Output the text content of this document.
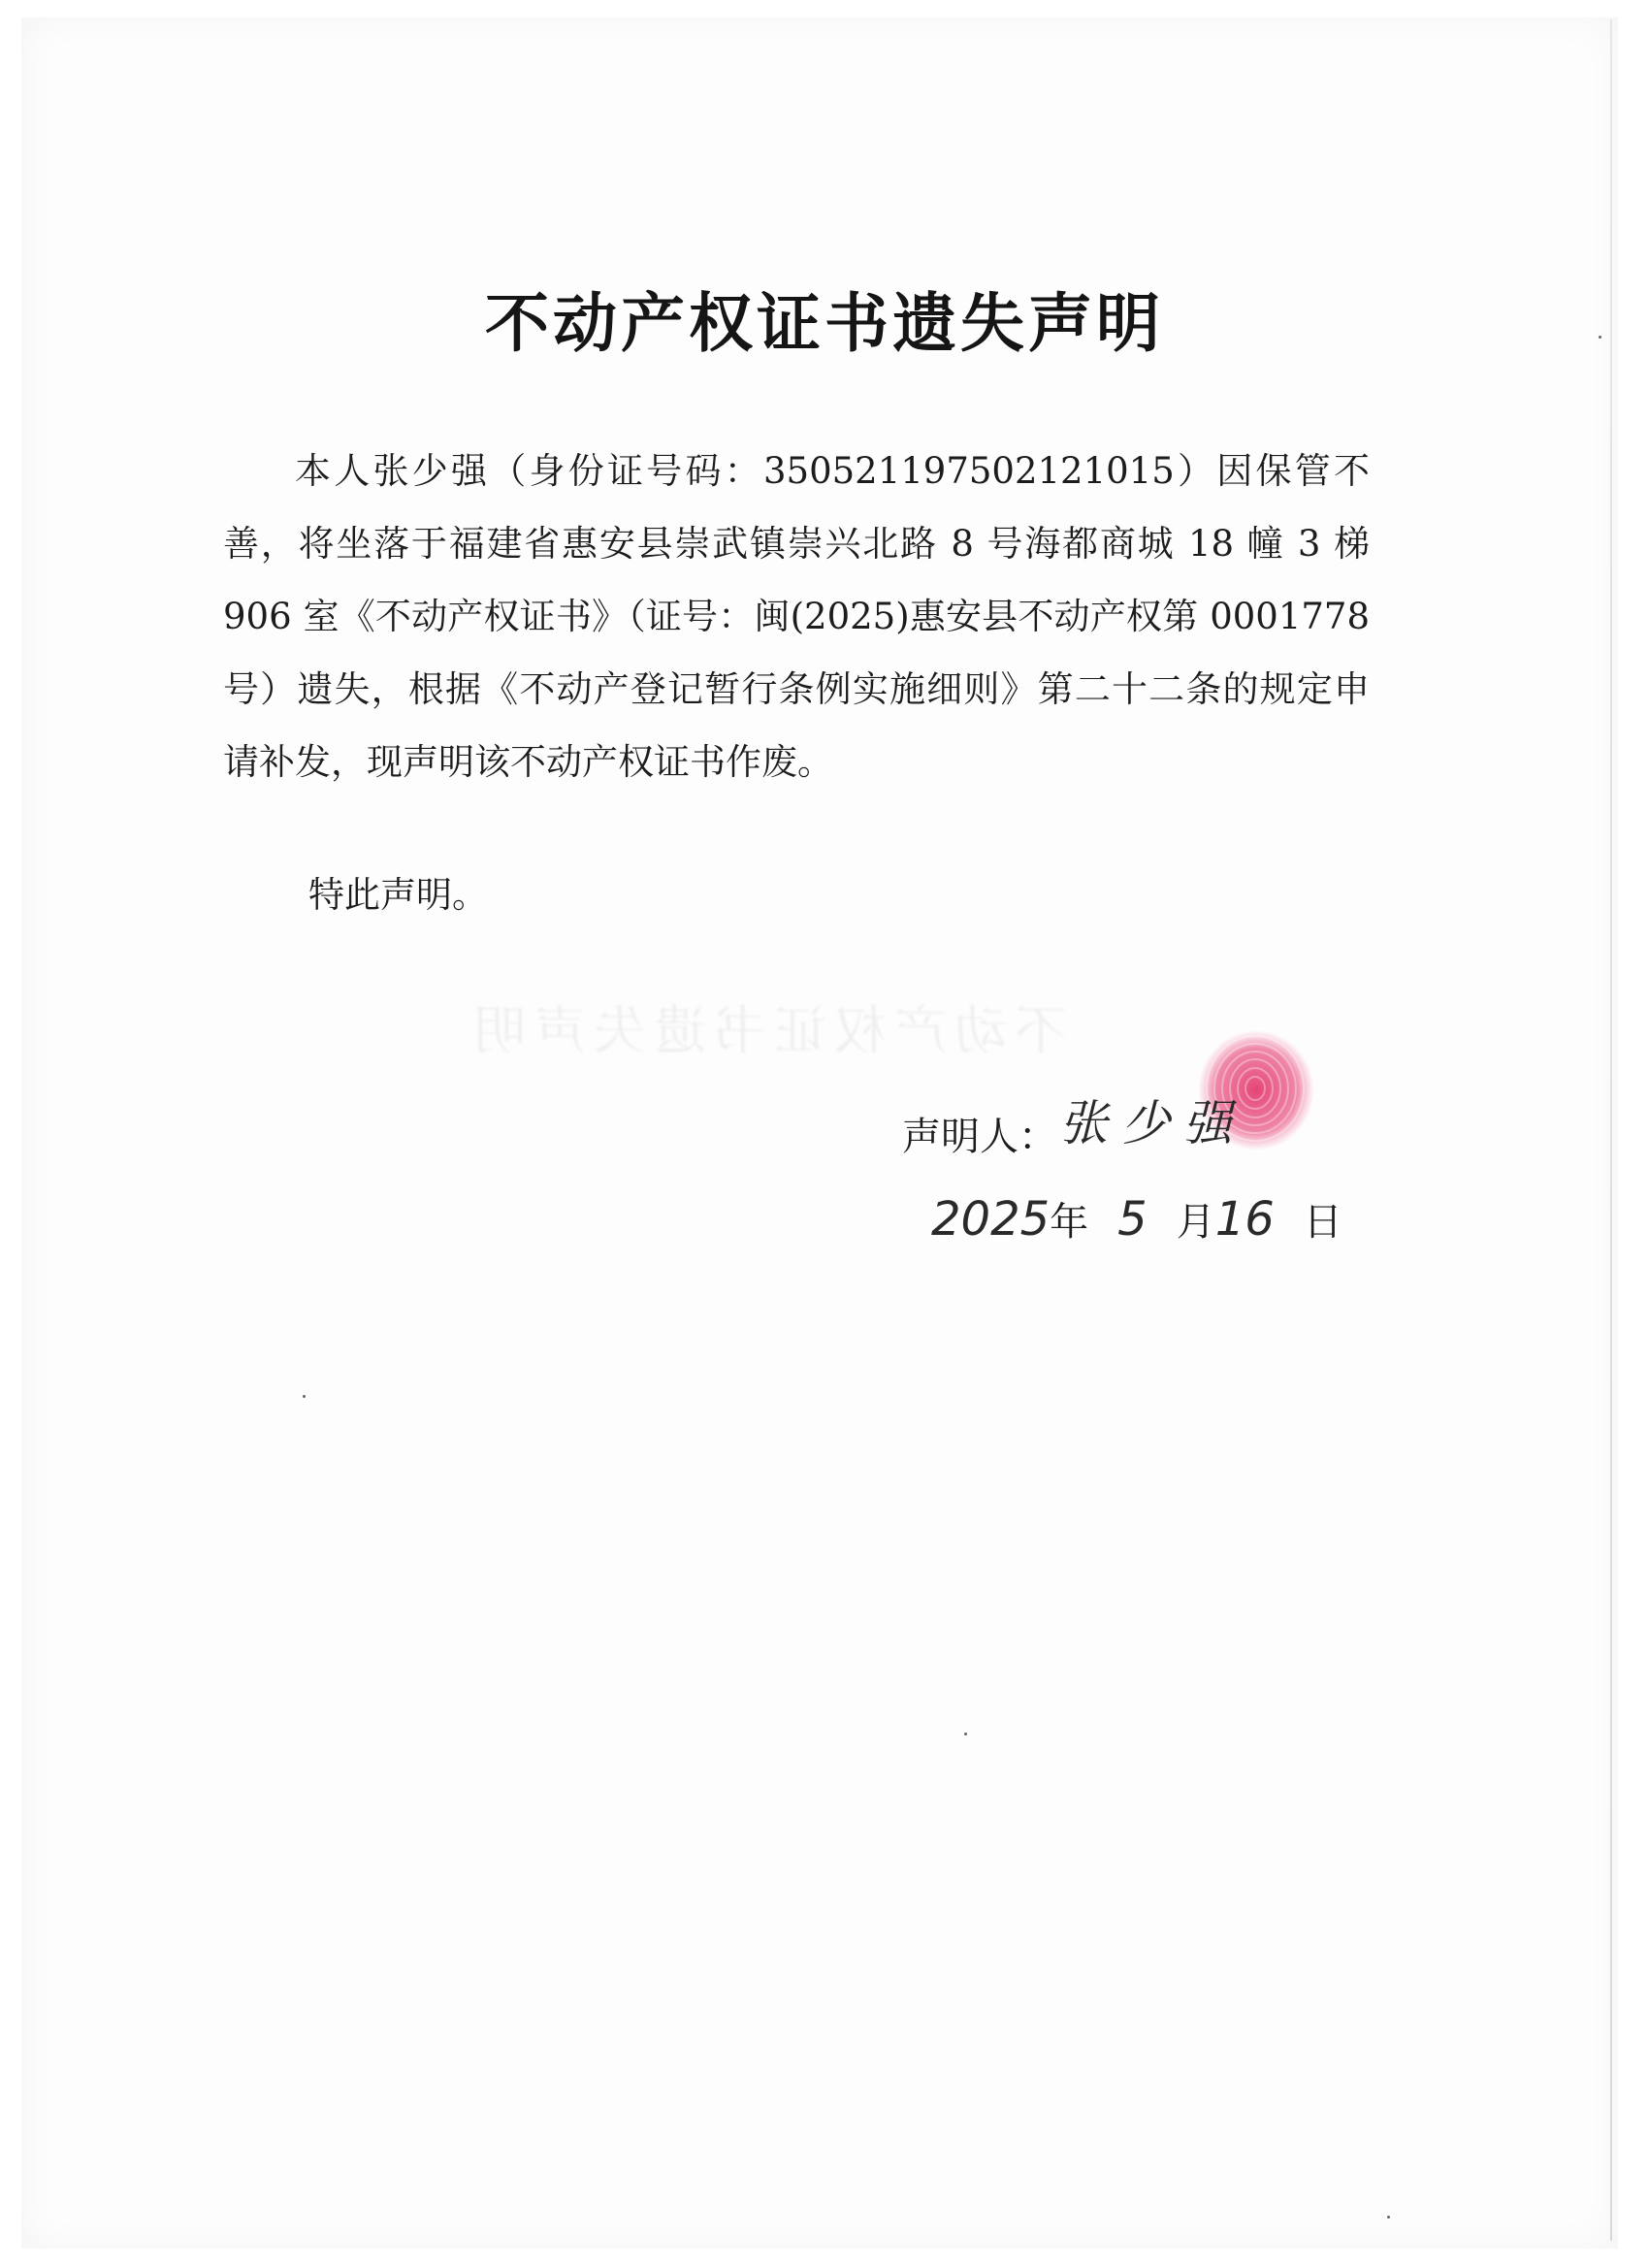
不动产权证书遗失声明
不动产权证书遗失声明

本人张少强（身份证号码：350521197502121015）因保管不善，将坐落于福建省惠安县崇武镇崇兴北路 8 号海都商城 18 幢 3 梯 906 室《不动产权证书》（证号：闽(2025)惠安县不动产权第 0001778 号）遗失，根据《不动产登记暂行条例实施细则》第二十二条的规定申请补发，现声明该不动产权证书作废。

特此声明。
声明人： 张少强
2025年 5 月16 日
